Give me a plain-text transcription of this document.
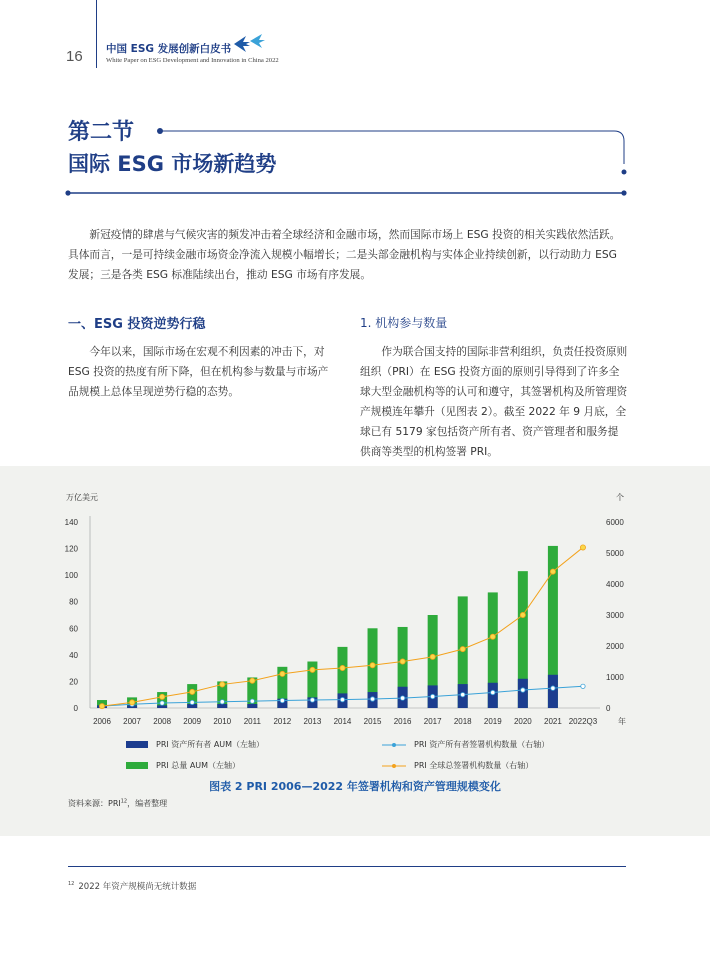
16 中国 ESG 发展创新白皮书
White Paper on ESG Development and Innovation in China 2022
第二节
国际 ESG 市场新趋势
新冠疫情的肆虐与气候灾害的频发冲击着全球经济和金融市场，然而国际市场上 ESG 投资的相关实践依然活跃。具体而言，一是可持续金融市场资金净流入规模小幅增长；二是头部金融机构与实体企业持续创新，以行动助力 ESG 发展；三是各类 ESG 标准陆续出台，推动 ESG 市场有序发展。
一、ESG 投资逆势行稳
今年以来，国际市场在宏观不利因素的冲击下，对 ESG 投资的热度有所下降，但在机构参与数量与市场产品规模上总体呈现逆势行稳的态势。
1. 机构参与数量
作为联合国支持的国际非营利组织，负责任投资原则组织（PRI）在 ESG 投资方面的原则引导得到了许多全球大型金融机构等的认可和遵守，其签署机构及所管理资产规模连年攀升（见图表 2）。截至 2022 年 9 月底，全球已有 5179 家包括资产所有者、资产管理者和服务提供商等类型的机构签署 PRI。
万亿美元	个
年
0
20
40
60
80
100
120
140
0
1000
2000
3000
4000
5000
6000
2006 2007 2008 2009 2010 2011 2012 2013 2014 2015 2016 2017 2018 2019 2020 2021 2022Q3
PRI 资产所有者 AUM（左轴）
PRI 总量 AUM（左轴）
PRI 资产所有者签署机构数量（右轴）
PRI 全球总签署机构数量（右轴）
图表 2 PRI 2006—2022 年签署机构和资产管理规模变化
资料来源：PRI$^{12}$，编者整理
$^{12}$ 2022 年资产规模尚无统计数据
